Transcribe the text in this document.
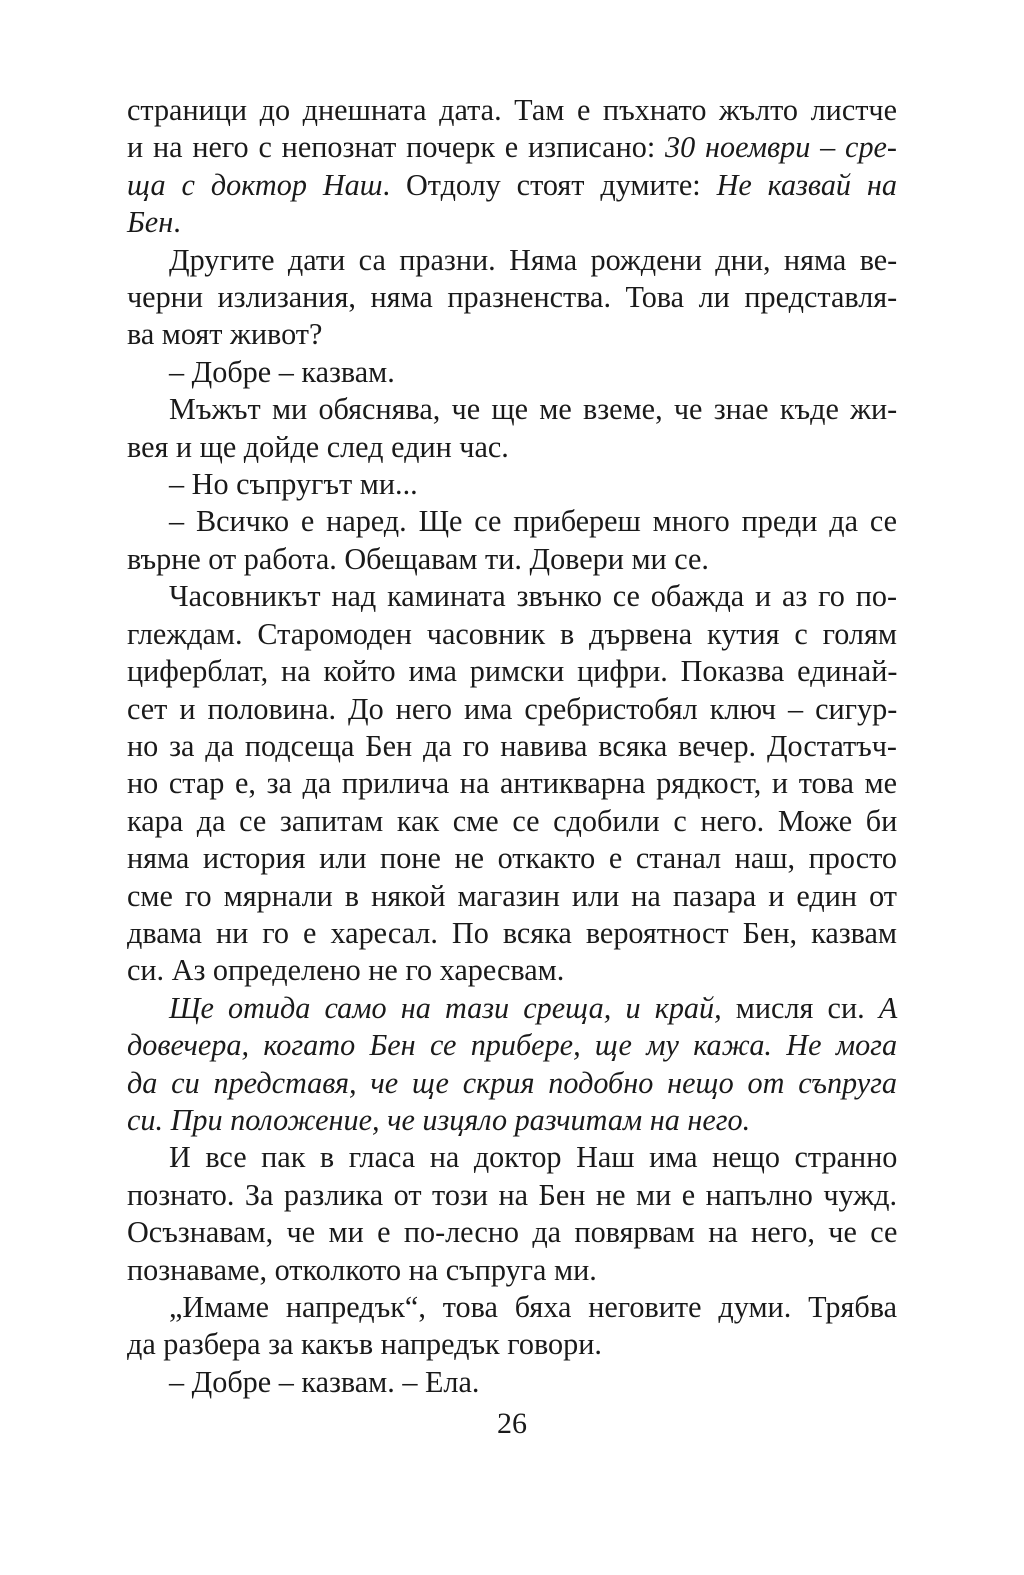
страници до днешната дата. Там е пъхнато жълто листче
и на него с непознат почерк е изписано: 30 ноември – сре-
ща с доктор Наш. Отдолу стоят думите: Не казвай на
Бен.
Другите дати са празни. Няма рождени дни, няма ве-
черни излизания, няма празненства. Това ли представля-
ва моят живот?
– Добре – казвам.
Мъжът ми обяснява, че ще ме вземе, че знае къде жи-
вея и ще дойде след един час.
– Но съпругът ми...
– Всичко е наред. Ще се прибереш много преди да се
върне от работа. Обещавам ти. Довери ми се.
Часовникът над камината звънко се обажда и аз го по-
глеждам. Старомоден часовник в дървена кутия с голям
циферблат, на който има римски цифри. Показва единай-
сет и половина. До него има сребристобял ключ – сигур-
но за да подсеща Бен да го навива всяка вечер. Достатъч-
но стар е, за да прилича на антикварна рядкост, и това ме
кара да се запитам как сме се сдобили с него. Може би
няма история или поне не откакто е станал наш, просто
сме го мярнали в някой магазин или на пазара и един от
двама ни го е харесал. По всяка вероятност Бен, казвам
си. Аз определено не го харесвам.
Ще отида само на тази среща, и край, мисля си. А
довечера, когато Бен се прибере, ще му кажа. Не мога
да си представя, че ще скрия подобно нещо от съпруга
си. При положение, че изцяло разчитам на него.
И все пак в гласа на доктор Наш има нещо странно
познато. За разлика от този на Бен не ми е напълно чужд.
Осъзнавам, че ми е по-лесно да повярвам на него, че се
познаваме, отколкото на съпруга ми.
„Имаме напредък“, това бяха неговите думи. Трябва
да разбера за какъв напредък говори.
– Добре – казвам. – Ела.
26
